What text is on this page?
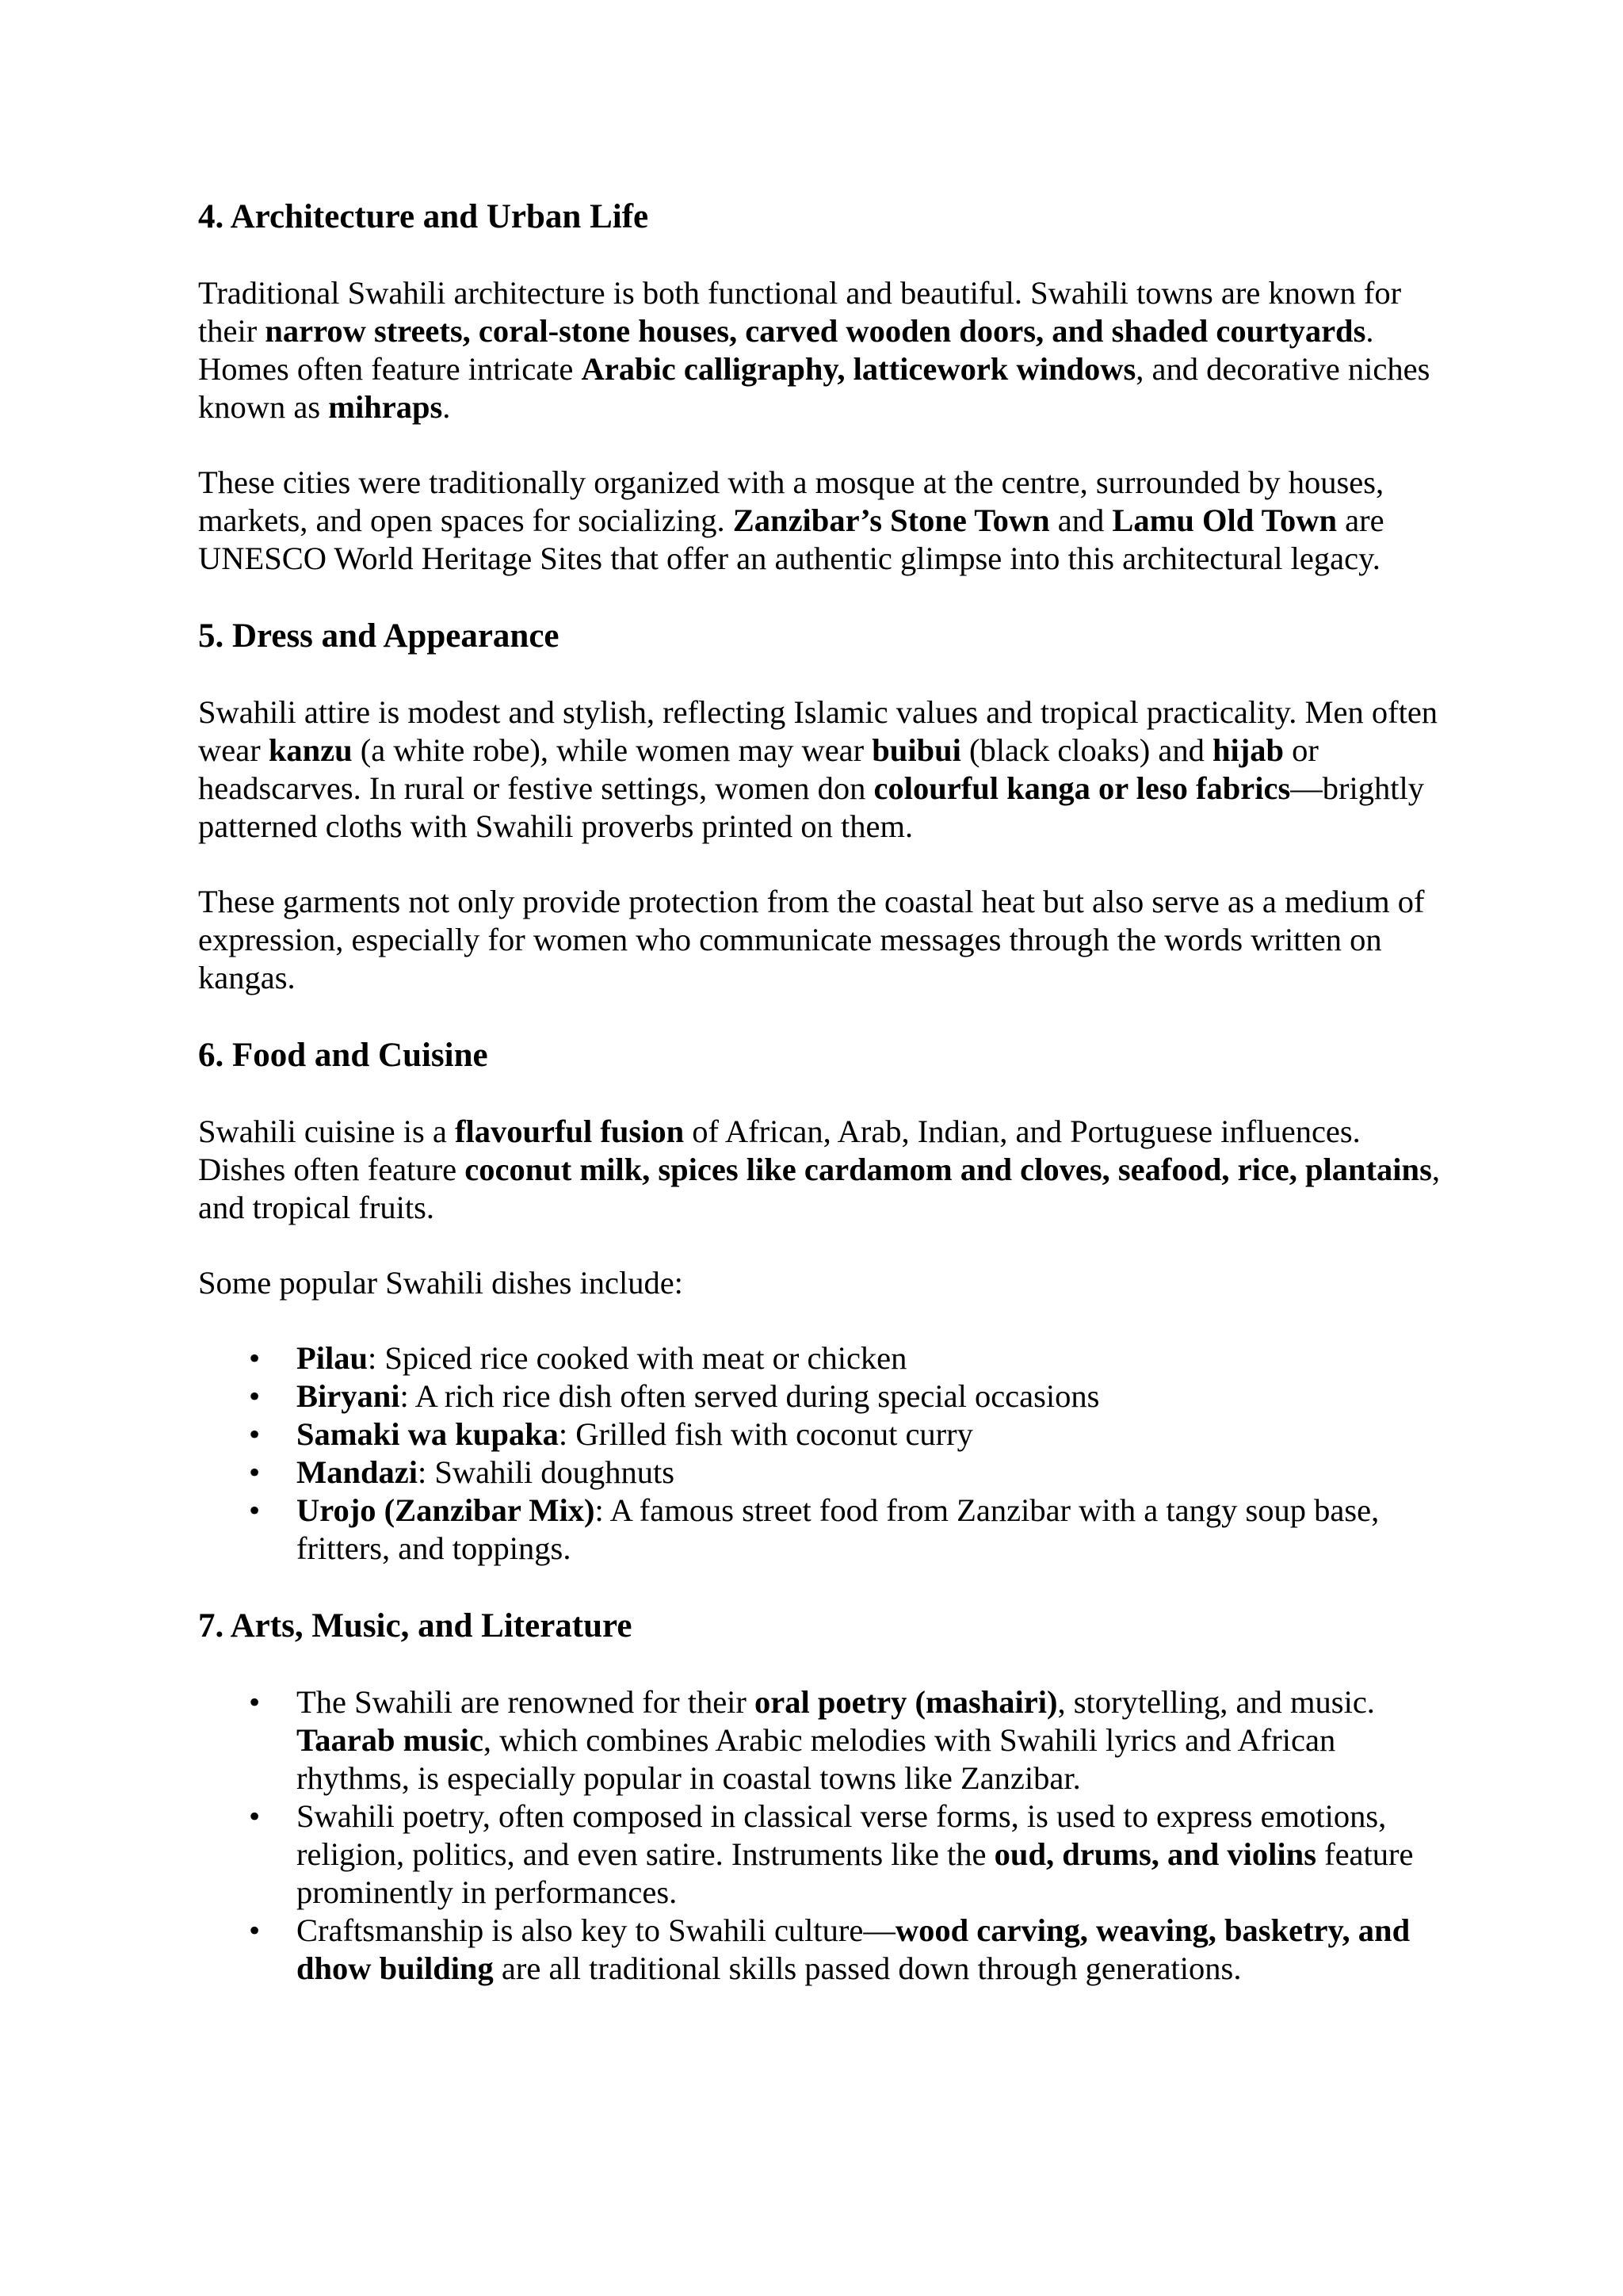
4. Architecture and Urban Life

Traditional Swahili architecture is both functional and beautiful. Swahili towns are known for their narrow streets, coral-stone houses, carved wooden doors, and shaded courtyards. Homes often feature intricate Arabic calligraphy, latticework windows, and decorative niches known as mihraps.

These cities were traditionally organized with a mosque at the centre, surrounded by houses, markets, and open spaces for socializing. Zanzibar’s Stone Town and Lamu Old Town are UNESCO World Heritage Sites that offer an authentic glimpse into this architectural legacy.

5. Dress and Appearance

Swahili attire is modest and stylish, reflecting Islamic values and tropical practicality. Men often wear kanzu (a white robe), while women may wear buibui (black cloaks) and hijab or headscarves. In rural or festive settings, women don colourful kanga or leso fabrics—brightly patterned cloths with Swahili proverbs printed on them.

These garments not only provide protection from the coastal heat but also serve as a medium of expression, especially for women who communicate messages through the words written on kangas.

6. Food and Cuisine

Swahili cuisine is a flavourful fusion of African, Arab, Indian, and Portuguese influences. Dishes often feature coconut milk, spices like cardamom and cloves, seafood, rice, plantains, and tropical fruits.

Some popular Swahili dishes include:

• Pilau: Spiced rice cooked with meat or chicken
• Biryani: A rich rice dish often served during special occasions
• Samaki wa kupaka: Grilled fish with coconut curry
• Mandazi: Swahili doughnuts
• Urojo (Zanzibar Mix): A famous street food from Zanzibar with a tangy soup base, fritters, and toppings.
7. Arts, Music, and Literature
• The Swahili are renowned for their oral poetry (mashairi), storytelling, and music. Taarab music, which combines Arabic melodies with Swahili lyrics and African rhythms, is especially popular in coastal towns like Zanzibar.
• Swahili poetry, often composed in classical verse forms, is used to express emotions, religion, politics, and even satire. Instruments like the oud, drums, and violins feature prominently in performances.
• Craftsmanship is also key to Swahili culture—wood carving, weaving, basketry, and dhow building are all traditional skills passed down through generations.
